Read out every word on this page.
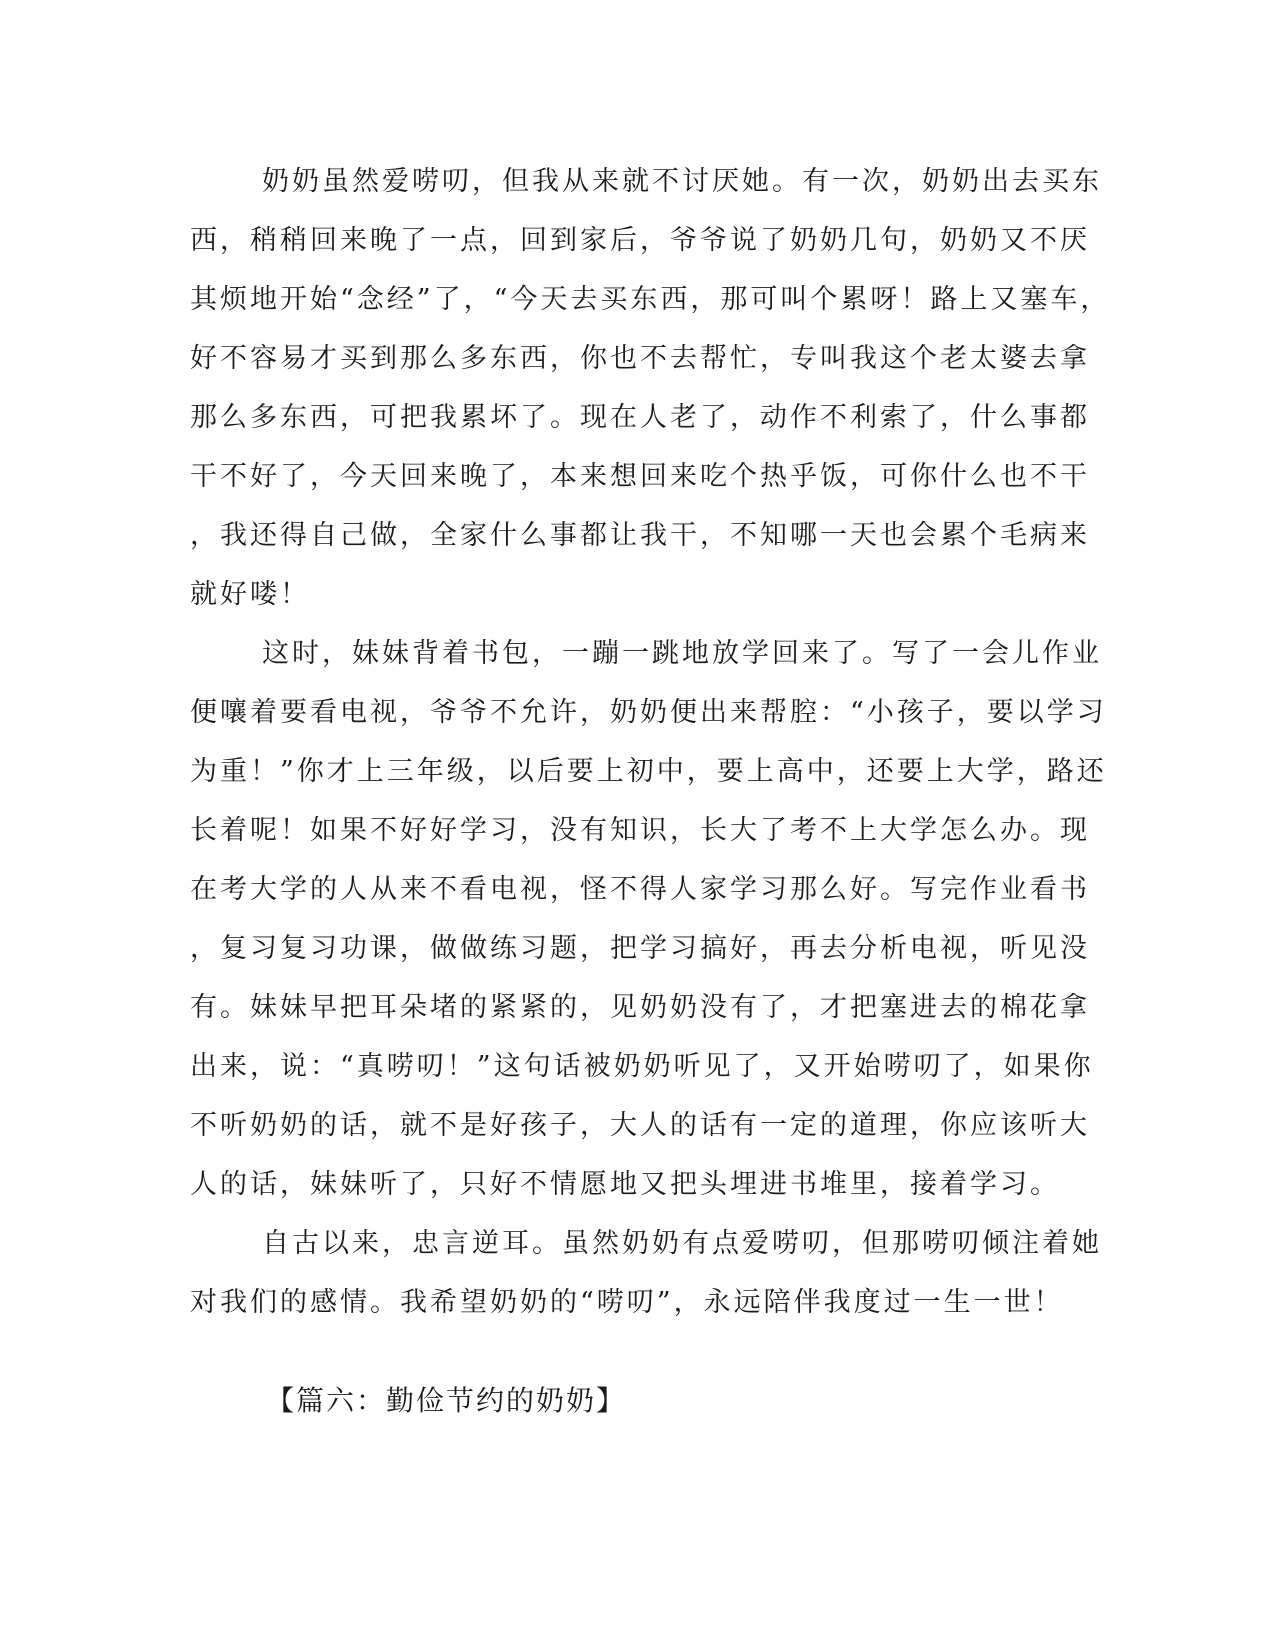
奶奶虽然爱唠叨，但我从来就不讨厌她。有一次，奶奶出去买东
西，稍稍回来晚了一点，回到家后，爷爷说了奶奶几句，奶奶又不厌
其烦地开始“念经”了，“今天去买东西，那可叫个累呀！路上又塞车，
好不容易才买到那么多东西，你也不去帮忙，专叫我这个老太婆去拿
那么多东西，可把我累坏了。现在人老了，动作不利索了，什么事都
干不好了，今天回来晚了，本来想回来吃个热乎饭，可你什么也不干
，我还得自己做，全家什么事都让我干，不知哪一天也会累个毛病来
就好喽！
这时，妹妹背着书包，一蹦一跳地放学回来了。写了一会儿作业
便嚷着要看电视，爷爷不允许，奶奶便出来帮腔：“小孩子，要以学习
为重！”你才上三年级，以后要上初中，要上高中，还要上大学，路还
长着呢！如果不好好学习，没有知识，长大了考不上大学怎么办。现
在考大学的人从来不看电视，怪不得人家学习那么好。写完作业看书
，复习复习功课，做做练习题，把学习搞好，再去分析电视，听见没
有。妹妹早把耳朵堵的紧紧的，见奶奶没有了，才把塞进去的棉花拿
出来，说：“真唠叨！”这句话被奶奶听见了，又开始唠叨了，如果你
不听奶奶的话，就不是好孩子，大人的话有一定的道理，你应该听大
人的话，妹妹听了，只好不情愿地又把头埋进书堆里，接着学习。
自古以来，忠言逆耳。虽然奶奶有点爱唠叨，但那唠叨倾注着她
对我们的感情。我希望奶奶的“唠叨”，永远陪伴我度过一生一世！
【篇六：勤俭节约的奶奶】
